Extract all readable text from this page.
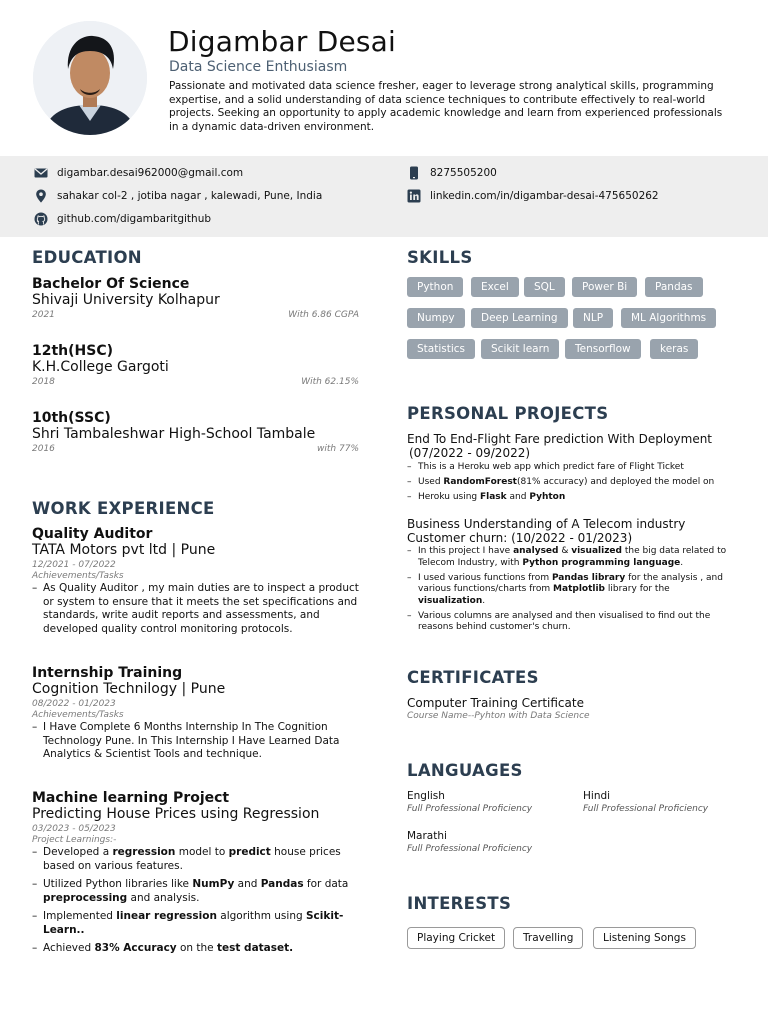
Digambar Desai
Data Science Enthusiasm
Passionate and motivated data science fresher, eager to leverage strong analytical skills, programming expertise, and a solid understanding of data science techniques to contribute effectively to real-world projects. Seeking an opportunity to apply academic knowledge and learn from experienced professionals in a dynamic data-driven environment.
digambar.desai962000@gmail.com	8275505200
sahakar col-2 , jotiba nagar , kalewadi, Pune, India	linkedin.com/in/digambar-desai-475650262
github.com/digambaritgithub
EDUCATION
Bachelor Of Science
Shivaji University Kolhapur
2021	With 6.86 CGPA
12th(HSC)
K.H.College Gargoti
2018	With 62.15%
10th(SSC)
Shri Tambaleshwar High-School Tambale
2016	with 77%
WORK EXPERIENCE
Quality Auditor
TATA Motors pvt ltd | Pune
12/2021 - 07/2022
Achievements/Tasks
– As Quality Auditor , my main duties are to inspect a product or system to ensure that it meets the set specifications and standards, write audit reports and assessments, and developed quality control monitoring protocols.
Internship Training
Cognition Technilogy | Pune
08/2022 - 01/2023
Achievements/Tasks
– I Have Complete 6 Months Internship In The Cognition Technology Pune. In This Internship I Have Learned Data Analytics & Scientist Tools and technique.
Machine learning Project
Predicting House Prices using Regression
03/2023 - 05/2023
Project Learnings:-
– Developed a regression model to predict house prices based on various features.
– Utilized Python libraries like NumPy and Pandas for data preprocessing and analysis.
– Implemented linear regression algorithm using Scikit-Learn..
– Achieved 83% Accuracy on the test dataset.
SKILLS
Python	Excel	SQL	Power Bi	Pandas
Numpy	Deep Learning	NLP	ML Algorithms
Statistics	Scikit learn	Tensorflow	keras
PERSONAL PROJECTS
End To End-Flight Fare prediction With Deployment
(07/2022 - 09/2022)
– This is a Heroku web app which predict fare of Flight Ticket
– Used RandomForest(81% accuracy) and deployed the model on
– Heroku using Flask and Pyhton
Business Understanding of A Telecom industry
Customer churn: (10/2022 - 01/2023)
– In this project I have analysed & visualized the big data related to Telecom Industry, with Python programming language.
– I used various functions from Pandas library for the analysis , and various functions/charts from Matplotlib library for the visualization.
– Various columns are analysed and then visualised to find out the reasons behind customer's churn.
CERTIFICATES
Computer Training Certificate
Course Name--Pyhton with Data Science
LANGUAGES
English
Full Professional Proficiency
Hindi
Full Professional Proficiency
Marathi
Full Professional Proficiency
INTERESTS
Playing Cricket	Travelling	Listening Songs
